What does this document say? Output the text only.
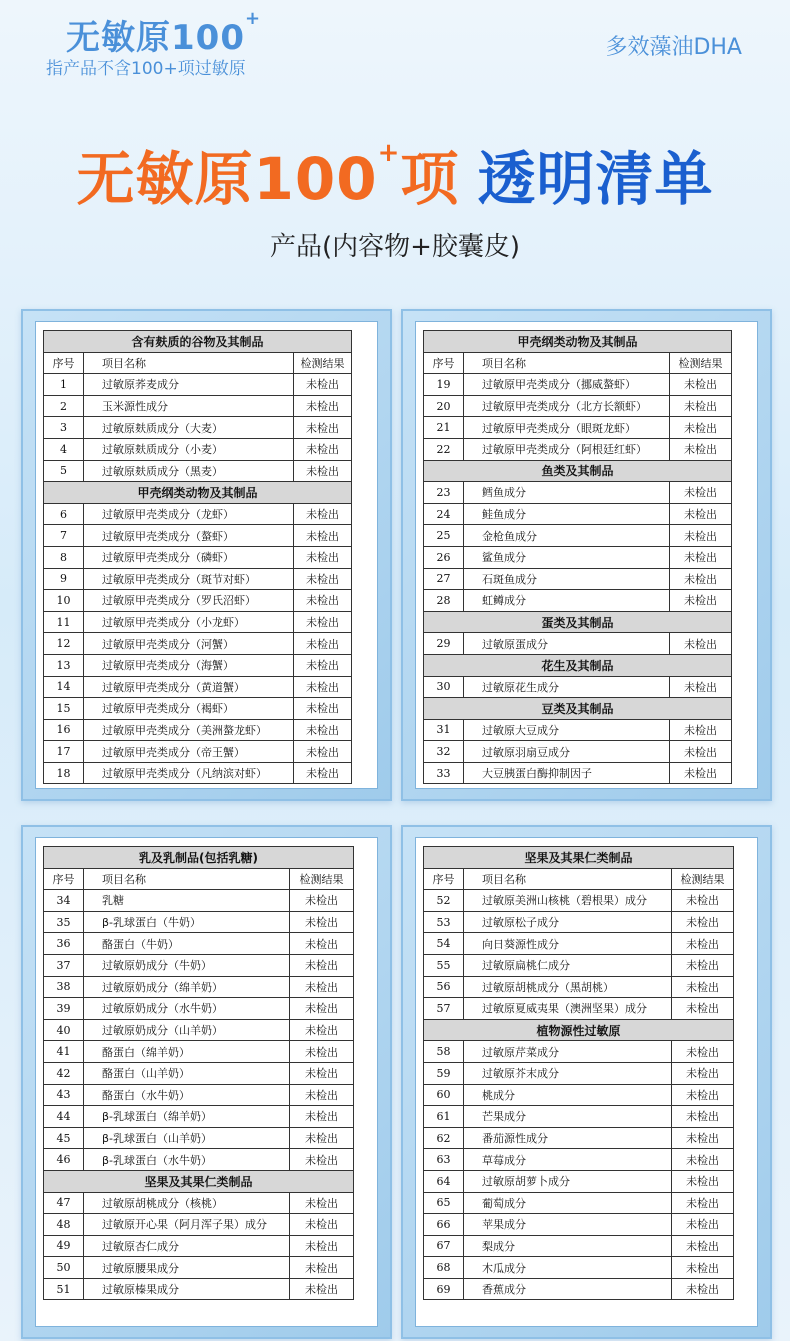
无敏原100+
指产品不含100+项过敏原
多效藻油DHA
无敏原100+项 透明清单
产品(内容物+胶囊皮)
含有麸质的谷物及其制品		
序号	项目名称	检测结果
1	过敏原荞麦成分	未检出
2	玉米源性成分	未检出
3	过敏原麸质成分（大麦）	未检出
4	过敏原麸质成分（小麦）	未检出
5	过敏原麸质成分（黑麦）	未检出
甲壳纲类动物及其制品		
6	过敏原甲壳类成分（龙虾）	未检出
7	过敏原甲壳类成分（螯虾）	未检出
8	过敏原甲壳类成分（磷虾）	未检出
9	过敏原甲壳类成分（斑节对虾）	未检出
10	过敏原甲壳类成分（罗氏沼虾）	未检出
11	过敏原甲壳类成分（小龙虾）	未检出
12	过敏原甲壳类成分（河蟹）	未检出
13	过敏原甲壳类成分（海蟹）	未检出
14	过敏原甲壳类成分（黄道蟹）	未检出
15	过敏原甲壳类成分（褐虾）	未检出
16	过敏原甲壳类成分（美洲螯龙虾）	未检出
17	过敏原甲壳类成分（帝王蟹）	未检出
18	过敏原甲壳类成分（凡纳滨对虾）	未检出
甲壳纲类动物及其制品		
序号	项目名称	检测结果
19	过敏原甲壳类成分（挪威螯虾）	未检出
20	过敏原甲壳类成分（北方长额虾）	未检出
21	过敏原甲壳类成分（眼斑龙虾）	未检出
22	过敏原甲壳类成分（阿根廷红虾）	未检出
鱼类及其制品		
23	鳕鱼成分	未检出
24	鲑鱼成分	未检出
25	金枪鱼成分	未检出
26	鲨鱼成分	未检出
27	石斑鱼成分	未检出
28	虹鳟成分	未检出
蛋类及其制品		
29	过敏原蛋成分	未检出
花生及其制品		
30	过敏原花生成分	未检出
豆类及其制品		
31	过敏原大豆成分	未检出
32	过敏原羽扇豆成分	未检出
33	大豆胰蛋白酶抑制因子	未检出
乳及乳制品(包括乳糖)		
序号	项目名称	检测结果
34	乳糖	未检出
35	β-乳球蛋白（牛奶）	未检出
36	酪蛋白（牛奶）	未检出
37	过敏原奶成分（牛奶）	未检出
38	过敏原奶成分（绵羊奶）	未检出
39	过敏原奶成分（水牛奶）	未检出
40	过敏原奶成分（山羊奶）	未检出
41	酪蛋白（绵羊奶）	未检出
42	酪蛋白（山羊奶）	未检出
43	酪蛋白（水牛奶）	未检出
44	β-乳球蛋白（绵羊奶）	未检出
45	β-乳球蛋白（山羊奶）	未检出
46	β-乳球蛋白（水牛奶）	未检出
坚果及其果仁类制品		
47	过敏原胡桃成分（核桃）	未检出
48	过敏原开心果（阿月浑子果）成分	未检出
49	过敏原杏仁成分	未检出
50	过敏原腰果成分	未检出
51	过敏原榛果成分	未检出
坚果及其果仁类制品		
序号	项目名称	检测结果
52	过敏原美洲山核桃（碧根果）成分	未检出
53	过敏原松子成分	未检出
54	向日葵源性成分	未检出
55	过敏原扁桃仁成分	未检出
56	过敏原胡桃成分（黑胡桃）	未检出
57	过敏原夏威夷果（澳洲坚果）成分	未检出
植物源性过敏原		
58	过敏原芹菜成分	未检出
59	过敏原芥末成分	未检出
60	桃成分	未检出
61	芒果成分	未检出
62	番茄源性成分	未检出
63	草莓成分	未检出
64	过敏原胡萝卜成分	未检出
65	葡萄成分	未检出
66	苹果成分	未检出
67	梨成分	未检出
68	木瓜成分	未检出
69	香蕉成分	未检出
